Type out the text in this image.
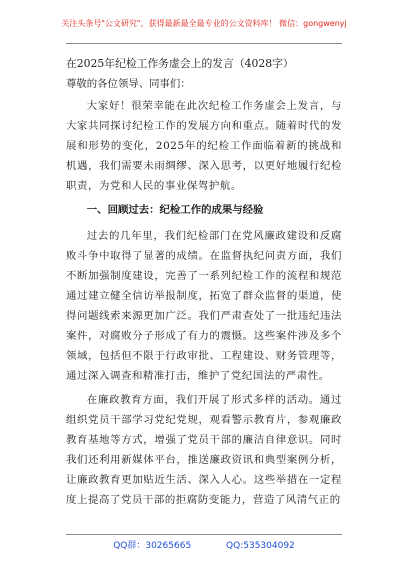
关注头条号"公文研究"，获得最新最全最专业的公文资料库！ 微信：gongwenyj

在2025年纪检工作务虚会上的发言（4028字）

尊敬的各位领导、同事们：

大家好！很荣幸能在此次纪检工作务虚会上发言，与大家共同探讨纪检工作的发展方向和重点。随着时代的发展和形势的变化，2025年的纪检工作面临着新的挑战和机遇，我们需要未雨绸缪、深入思考，以更好地履行纪检职责，为党和人民的事业保驾护航。

一、回顾过去：纪检工作的成果与经验

过去的几年里，我们纪检部门在党风廉政建设和反腐败斗争中取得了显著的成绩。在监督执纪问责方面，我们不断加强制度建设，完善了一系列纪检工作的流程和规范通过建立健全信访举报制度，拓宽了群众监督的渠道，使得问题线索来源更加广泛。我们严肃查处了一批违纪违法案件，对腐败分子形成了有力的震慑。这些案件涉及多个领域，包括但不限于行政审批、工程建设、财务管理等，通过深入调查和精准打击，维护了党纪国法的严肃性。

在廉政教育方面，我们开展了形式多样的活动。通过组织党员干部学习党纪党规，观看警示教育片，参观廉政教育基地等方式，增强了党员干部的廉洁自律意识。同时我们还利用新媒体平台，推送廉政资讯和典型案例分析，让廉政教育更加贴近生活、深入人心。这些举措在一定程度上提高了党员干部的拒腐防变能力，营造了风清气正的

QQ群：30265665	QQ:535304092
